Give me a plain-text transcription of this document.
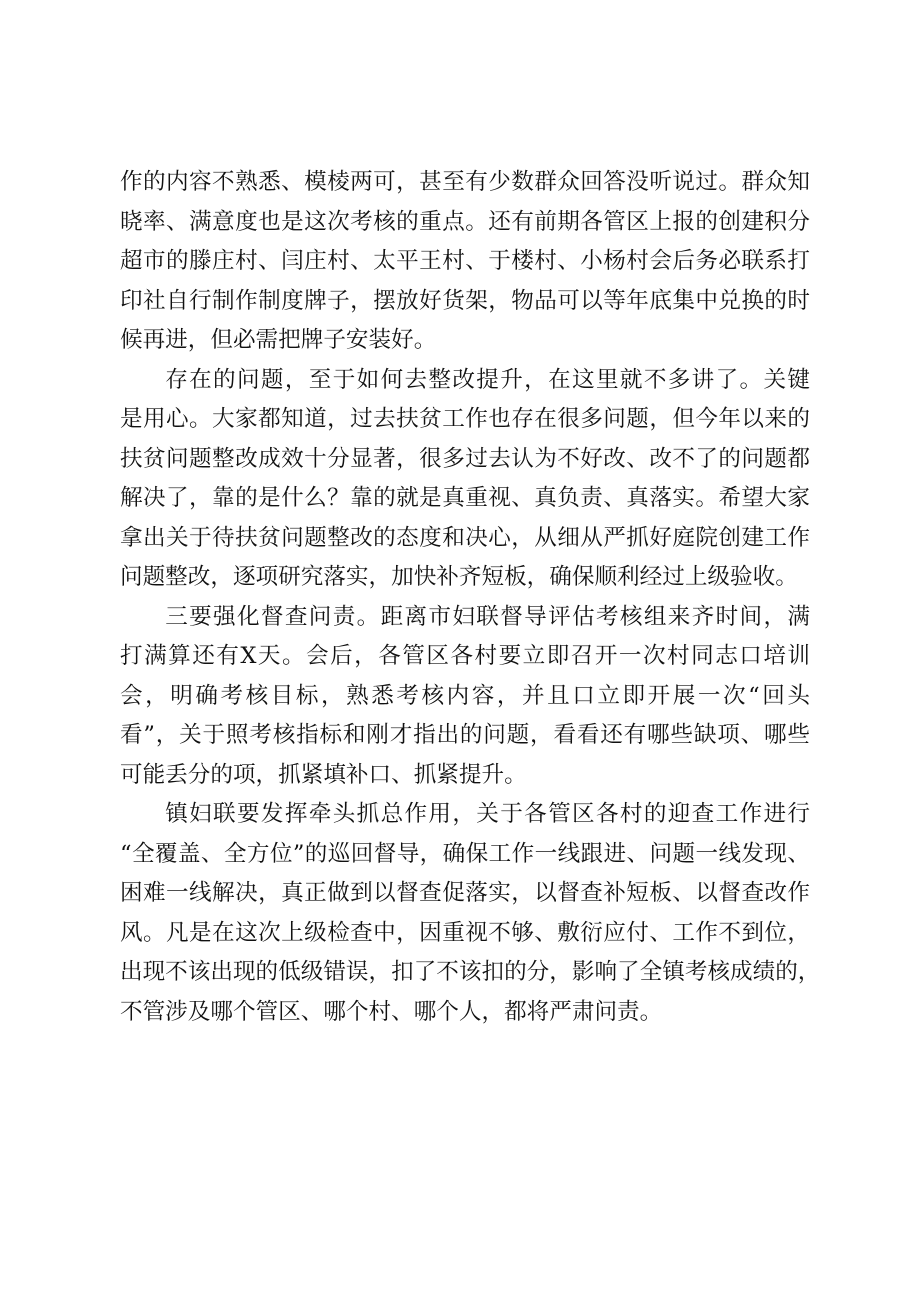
作的内容不熟悉、模棱两可，甚至有少数群众回答没听说过。群众知
晓率、满意度也是这次考核的重点。还有前期各管区上报的创建积分
超市的滕庄村、闫庄村、太平王村、于楼村、小杨村会后务必联系打
印社自行制作制度牌子，摆放好货架，物品可以等年底集中兑换的时
候再进，但必需把牌子安装好。
存在的问题，至于如何去整改提升，在这里就不多讲了。关键
是用心。大家都知道，过去扶贫工作也存在很多问题，但今年以来的
扶贫问题整改成效十分显著，很多过去认为不好改、改不了的问题都
解决了，靠的是什么？靠的就是真重视、真负责、真落实。希望大家
拿出关于待扶贫问题整改的态度和决心，从细从严抓好庭院创建工作
问题整改，逐项研究落实，加快补齐短板，确保顺利经过上级验收。
三要强化督查问责。距离市妇联督导评估考核组来齐时间，满
打满算还有X天。会后，各管区各村要立即召开一次村同志口培训
会，明确考核目标，熟悉考核内容，并且口立即开展一次“回头
看”，关于照考核指标和刚才指出的问题，看看还有哪些缺项、哪些
可能丢分的项，抓紧填补口、抓紧提升。
镇妇联要发挥牵头抓总作用，关于各管区各村的迎查工作进行
“全覆盖、全方位”的巡回督导，确保工作一线跟进、问题一线发现、
困难一线解决，真正做到以督查促落实，以督查补短板、以督查改作
风。凡是在这次上级检查中，因重视不够、敷衍应付、工作不到位，
出现不该出现的低级错误，扣了不该扣的分，影响了全镇考核成绩的，
不管涉及哪个管区、哪个村、哪个人，都将严肃问责。
